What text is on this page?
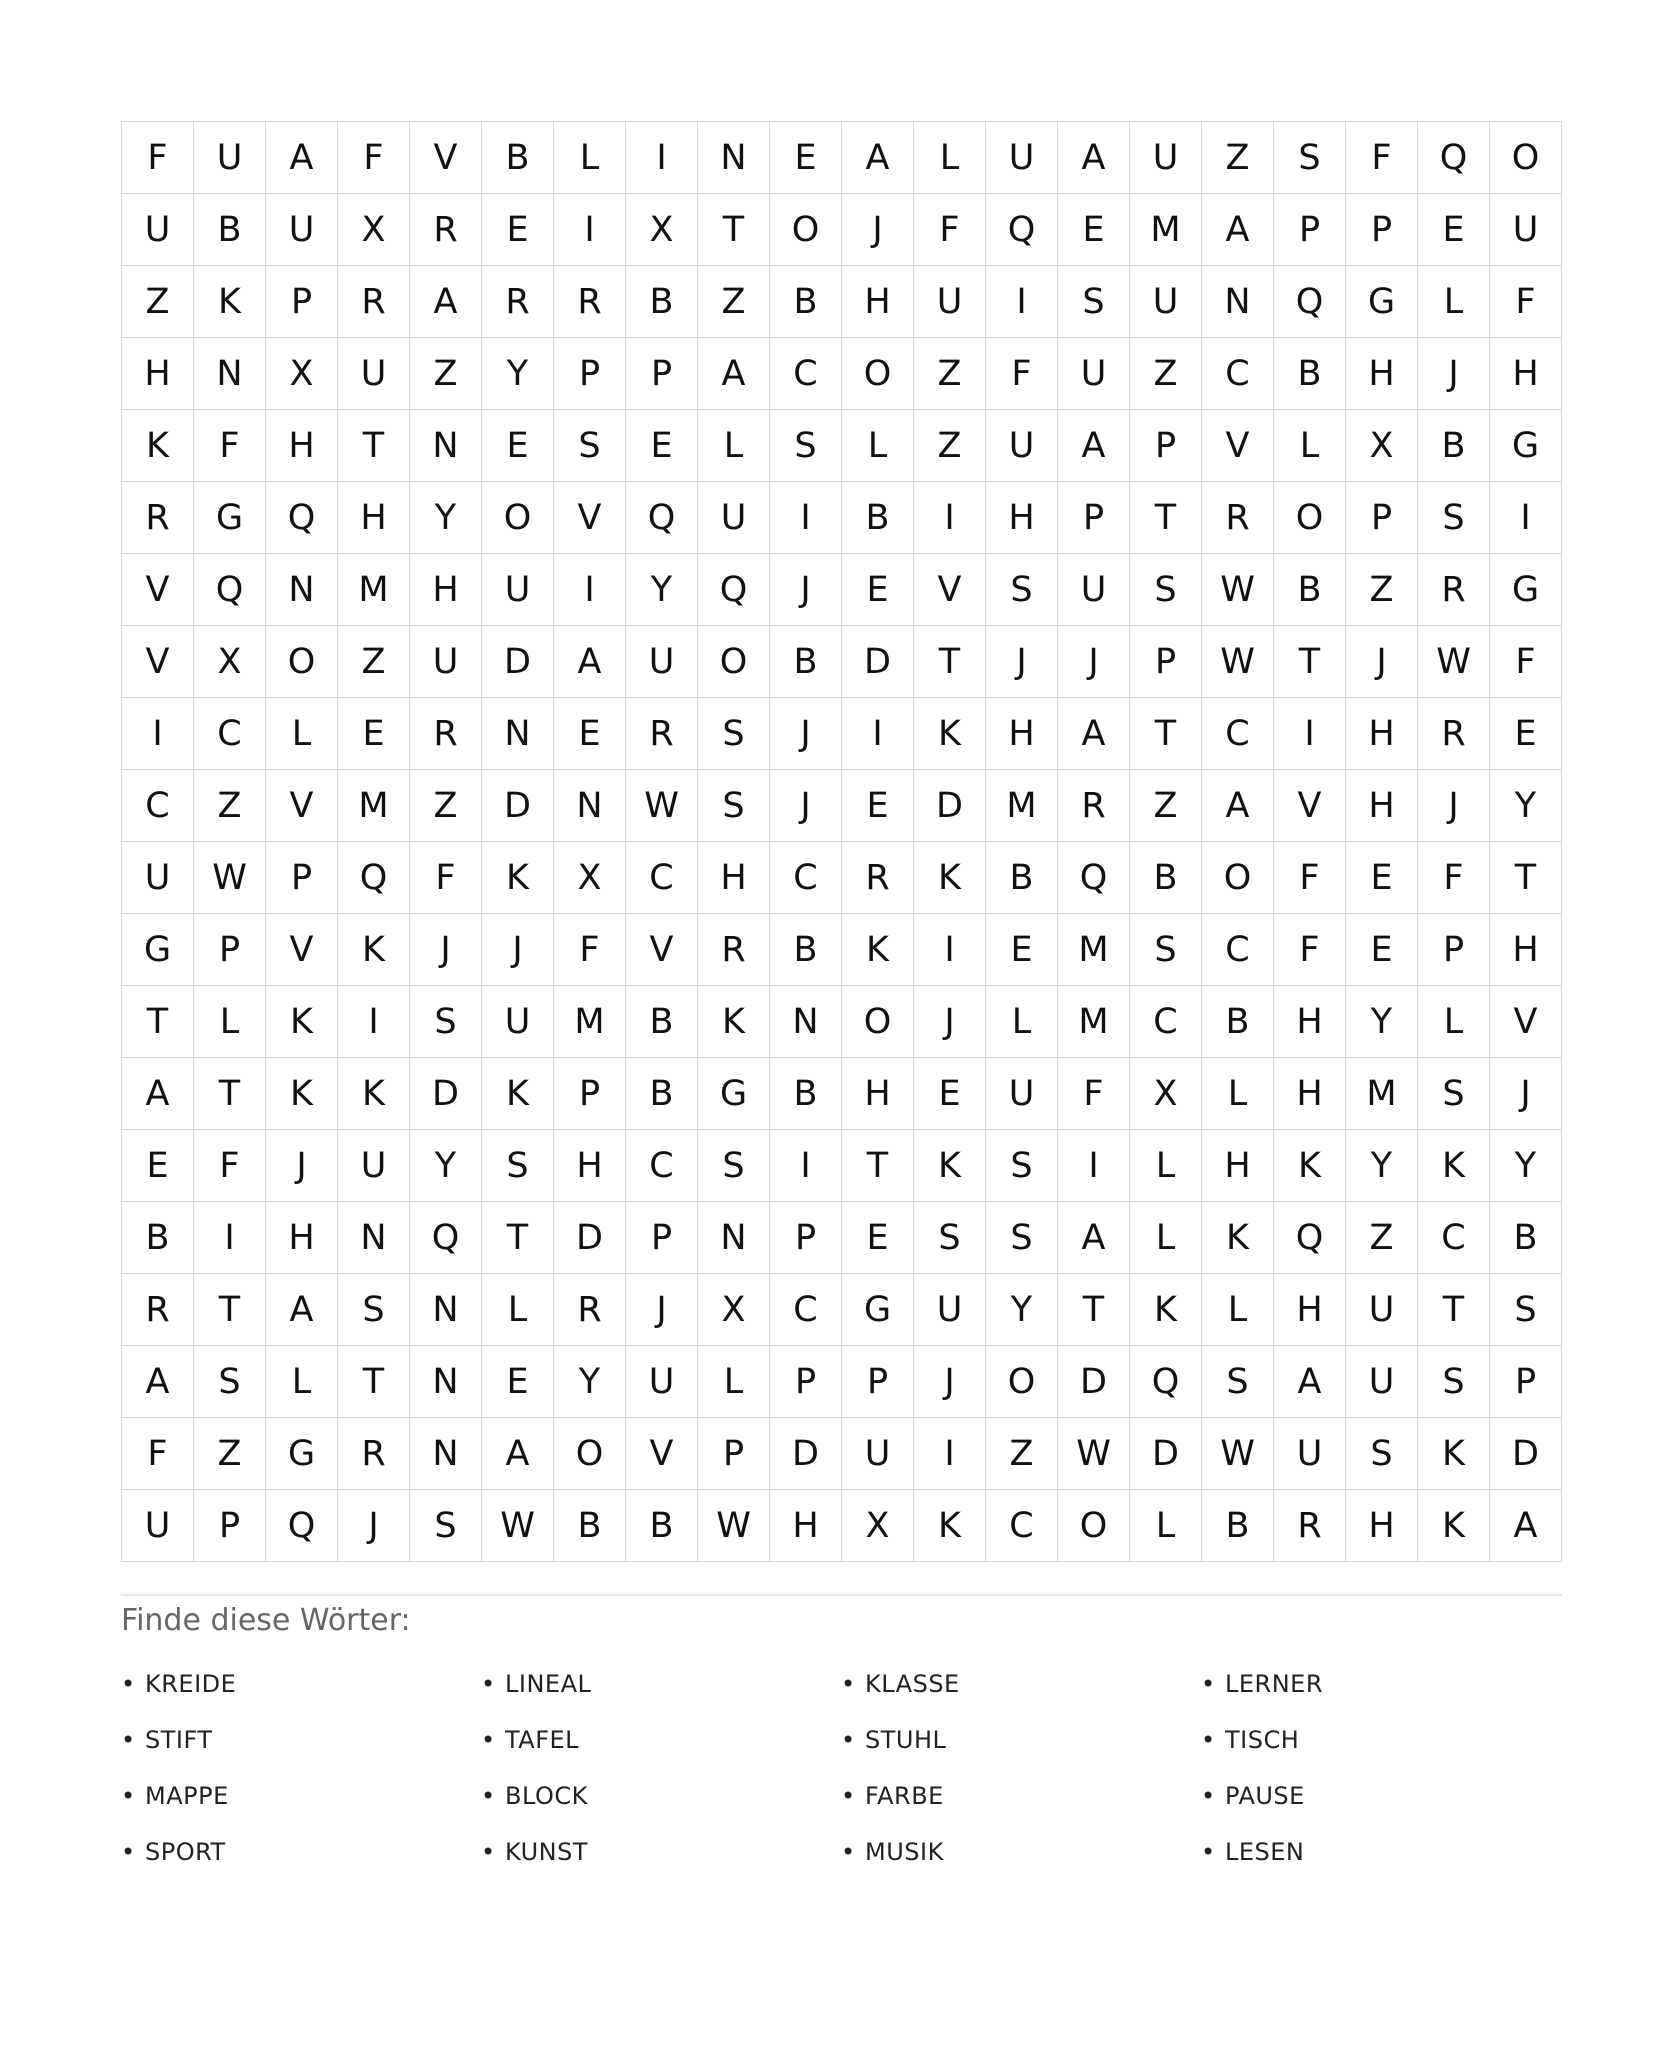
F	U	A	F	V	B	L	I	N	E	A	L	U	A	U	Z	S	F	Q	O
U	B	U	X	R	E	I	X	T	O	J	F	Q	E	M	A	P	P	E	U
Z	K	P	R	A	R	R	B	Z	B	H	U	I	S	U	N	Q	G	L	F
H	N	X	U	Z	Y	P	P	A	C	O	Z	F	U	Z	C	B	H	J	H
K	F	H	T	N	E	S	E	L	S	L	Z	U	A	P	V	L	X	B	G
R	G	Q	H	Y	O	V	Q	U	I	B	I	H	P	T	R	O	P	S	I
V	Q	N	M	H	U	I	Y	Q	J	E	V	S	U	S	W	B	Z	R	G
V	X	O	Z	U	D	A	U	O	B	D	T	J	J	P	W	T	J	W	F
I	C	L	E	R	N	E	R	S	J	I	K	H	A	T	C	I	H	R	E
C	Z	V	M	Z	D	N	W	S	J	E	D	M	R	Z	A	V	H	J	Y
U	W	P	Q	F	K	X	C	H	C	R	K	B	Q	B	O	F	E	F	T
G	P	V	K	J	J	F	V	R	B	K	I	E	M	S	C	F	E	P	H
T	L	K	I	S	U	M	B	K	N	O	J	L	M	C	B	H	Y	L	V
A	T	K	K	D	K	P	B	G	B	H	E	U	F	X	L	H	M	S	J
E	F	J	U	Y	S	H	C	S	I	T	K	S	I	L	H	K	Y	K	Y
B	I	H	N	Q	T	D	P	N	P	E	S	S	A	L	K	Q	Z	C	B
R	T	A	S	N	L	R	J	X	C	G	U	Y	T	K	L	H	U	T	S
A	S	L	T	N	E	Y	U	L	P	P	J	O	D	Q	S	A	U	S	P
F	Z	G	R	N	A	O	V	P	D	U	I	Z	W	D	W	U	S	K	D
U	P	Q	J	S	W	B	B	W	H	X	K	C	O	L	B	R	H	K	A
Finde diese Wörter:
• KREIDE	• LINEAL	• KLASSE	• LERNER
• STIFT	• TAFEL	• STUHL	• TISCH
• MAPPE	• BLOCK	• FARBE	• PAUSE
• SPORT	• KUNST	• MUSIK	• LESEN
